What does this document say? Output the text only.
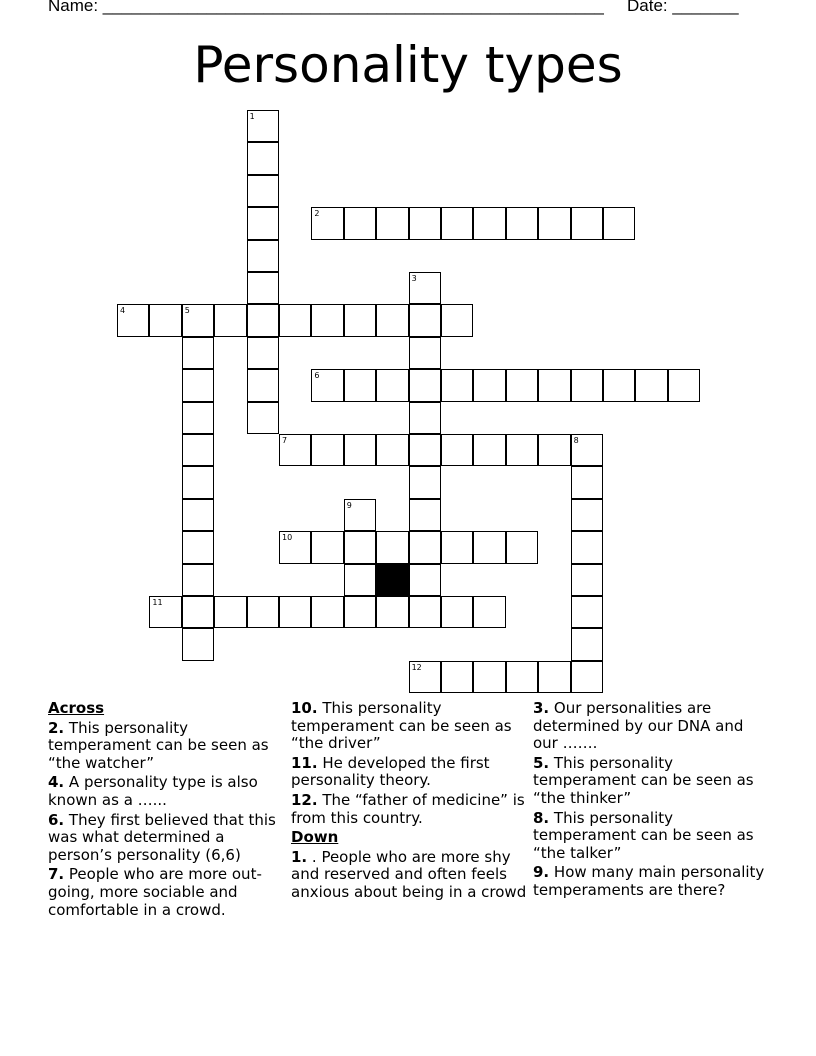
Name: _____________________________________________________ Date: _______
Personality types
1
2
3
4	5
6
7	8
9
10
11
12
Across
2. This personality temperament can be seen as “the watcher”
4. A personality type is also known as a …...
6. They first believed that this was what determined a person’s personality (6,6)
7. People who are more out-going, more sociable and comfortable in a crowd.
10. This personality temperament can be seen as “the driver”
11. He developed the first personality theory.
12. The “father of medicine” is from this country.
Down
1. . People who are more shy and reserved and often feels anxious about being in a crowd
3. Our personalities are determined by our DNA and our …….
5. This personality temperament can be seen as “the thinker”
8. This personality temperament can be seen as “the talker”
9. How many main personality temperaments are there?
